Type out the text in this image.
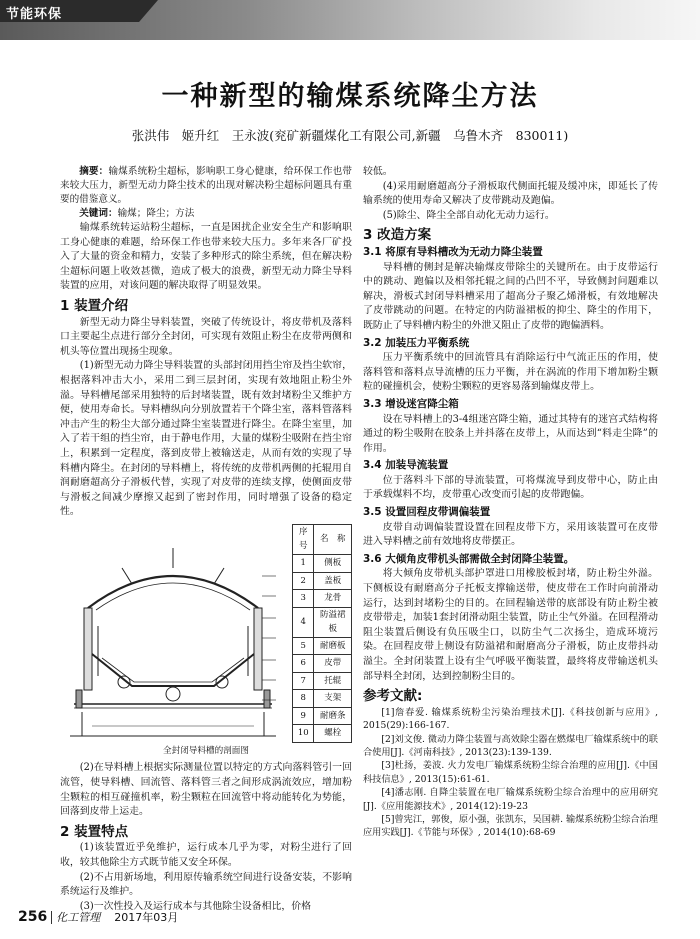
节能环保
一种新型的输煤系统降尘方法
张洪伟　姬升红　王永波(兖矿新疆煤化工有限公司,新疆　乌鲁木齐　830011)
摘要：输煤系统粉尘超标，影响职工身心健康，给环保工作也带来较大压力，新型无动力降尘技术的出现对解决粉尘超标问题具有重要的借鉴意义。
关键词：输煤；降尘；方法

输煤系统转运站粉尘超标，一直是困扰企业安全生产和影响职工身心健康的难题，给环保工作也带来较大压力。多年来各厂矿投入了大量的资金和精力，安装了多种形式的除尘系统，但在解决粉尘超标问题上收效甚微，造成了极大的浪费，新型无动力降尘导料装置的应用，对该问题的解决取得了明显效果。

1 装置介绍

新型无动力降尘导料装置，突破了传统设计，将皮带机及落料口主要起尘点进行部分全封闭，可实现有效阻止粉尘在皮带两侧和机头等位置出现扬尘现象。

(1)新型无动力降尘导料装置的头部封闭用挡尘帘及挡尘软帘，根据落料冲击大小，采用二到三层封闭，实现有效地阻止粉尘外溢。导料槽尾部采用独特的后封堵装置，既有效封堵粉尘又维护方便，使用寿命长。导料槽纵向分别放置若干个降尘室，落料管落料冲击产生的粉尘大部分通过降尘室装置进行降尘。在降尘室里，加入了若干组的挡尘帘，由于静电作用，大量的煤粉尘吸附在挡尘帘上，积累到一定程度，落到皮带上被输送走，从而有效的实现了导料槽内降尘。在封闭的导料槽上，将传统的皮带机两侧的托辊用自润耐磨超高分子滑板代替，实现了对皮带的连续支撑，使侧面皮带与滑板之间减少摩擦又起到了密封作用，同时增强了设备的稳定性。

序号	名　称
1	侧板
2	盖板
3	龙骨
4	防溢裙板
5	耐磨板
6	皮带
7	托辊
8	支架
9	耐磨条
10	螺栓
全封闭导料槽的剖面图

(2)在导料槽上根据实际测量位置以特定的方式向落料管引一回流管，使导料槽、回流管、落料管三者之间形成涡流效应，增加粉尘颗粒的相互碰撞机率，粉尘颗粒在回流管中将动能转化为势能，回落到皮带上运走。

2 装置特点

(1)该装置近乎免维护，运行成本几乎为零，对粉尘进行了回收，较其他除尘方式既节能又安全环保。

(2)不占用新场地，利用原传输系统空间进行设备安装，不影响系统运行及维护。

(3)一次性投入及运行成本与其他除尘设备相比，价格

较低。

(4)采用耐磨超高分子滑板取代侧面托辊及缓冲床，即延长了传输系统的使用寿命又解决了皮带跳动及跑偏。

(5)除尘、降尘全部自动化无动力运行。

3 改造方案
3.1 将原有导料槽改为无动力降尘装置

导料槽的侧封是解决输煤皮带除尘的关键所在。由于皮带运行中的跳动、跑偏以及相邻托辊之间的凸凹不平，导致侧封问题难以解决，滑板式封闭导料槽采用了超高分子聚乙烯滑板，有效地解决了皮带跳动的问题。在特定的内防溢裙板的抑尘、降尘的作用下，既防止了导料槽内粉尘的外泄又阻止了皮带的跑偏洒料。

3.2 加装压力平衡系统

压力平衡系统中的回流管具有消除运行中气流正压的作用，使落料管和落料点导流槽的压力平衡，并在涡流的作用下增加粉尘颗粒的碰撞机会，使粉尘颗粒的更容易落到输煤皮带上。

3.3 增设迷宫降尘箱

设在导料槽上的3-4组迷宫降尘箱，通过其特有的迷宫式结构将通过的粉尘吸附在胶条上并抖落在皮带上，从而达到“料走尘降”的作用。

3.4 加装导流装置

位于落料斗下部的导流装置，可将煤流导到皮带中心，防止由于承载煤料不均，皮带重心改变而引起的皮带跑偏。

3.5 设置回程皮带调偏装置

皮带自动调偏装置设置在回程皮带下方，采用该装置可在皮带进入导料槽之前有效地将皮带摆正。

3.6 大倾角皮带机头部需做全封闭降尘装置。

将大倾角皮带机头部护罩进口用橡胶板封堵，防止粉尘外溢。下侧板设有耐磨高分子托板支撑输送带，使皮带在工作时向前滑动运行，达到封堵粉尘的目的。在回程输送带的底部设有防止粉尘被皮带带走，加装1套封闭滑动阻尘装置，防止尘气外溢。在回程滑动阻尘装置后侧设有负压吸尘口，以防尘气二次扬尘，造成环境污染。在回程皮带上侧设有防溢裙和耐磨高分子滑板，防止皮带抖动溢尘。全封闭装置上设有尘气呼吸平衡装置，最终将皮带输送机头部导料全封闭，达到控制粉尘目的。

参考文献:
[1]詹春爱. 输煤系统粉尘污染治理技术[J].《科技创新与应用》, 2015(29):166-167.
[2]刘文俊. 微动力降尘装置与高效除尘器在燃煤电厂输煤系统中的联合使用[J].《河南科技》, 2013(23):139-139.
[3]杜扬，姜波. 火力发电厂输煤系统粉尘综合治理的应用[J].《中国科技信息》, 2013(15):61-61.
[4]潘志刚. 自降尘装置在电厂输煤系统粉尘综合治理中的应用研究[J].《应用能源技术》, 2014(12):19-23
[5]曾宪江，郭俊，原小强，张凯东，吴国耕. 输煤系统粉尘综合治理应用实践[J].《节能与环保》, 2014(10):68-69
256 化工管理 2017年03月
